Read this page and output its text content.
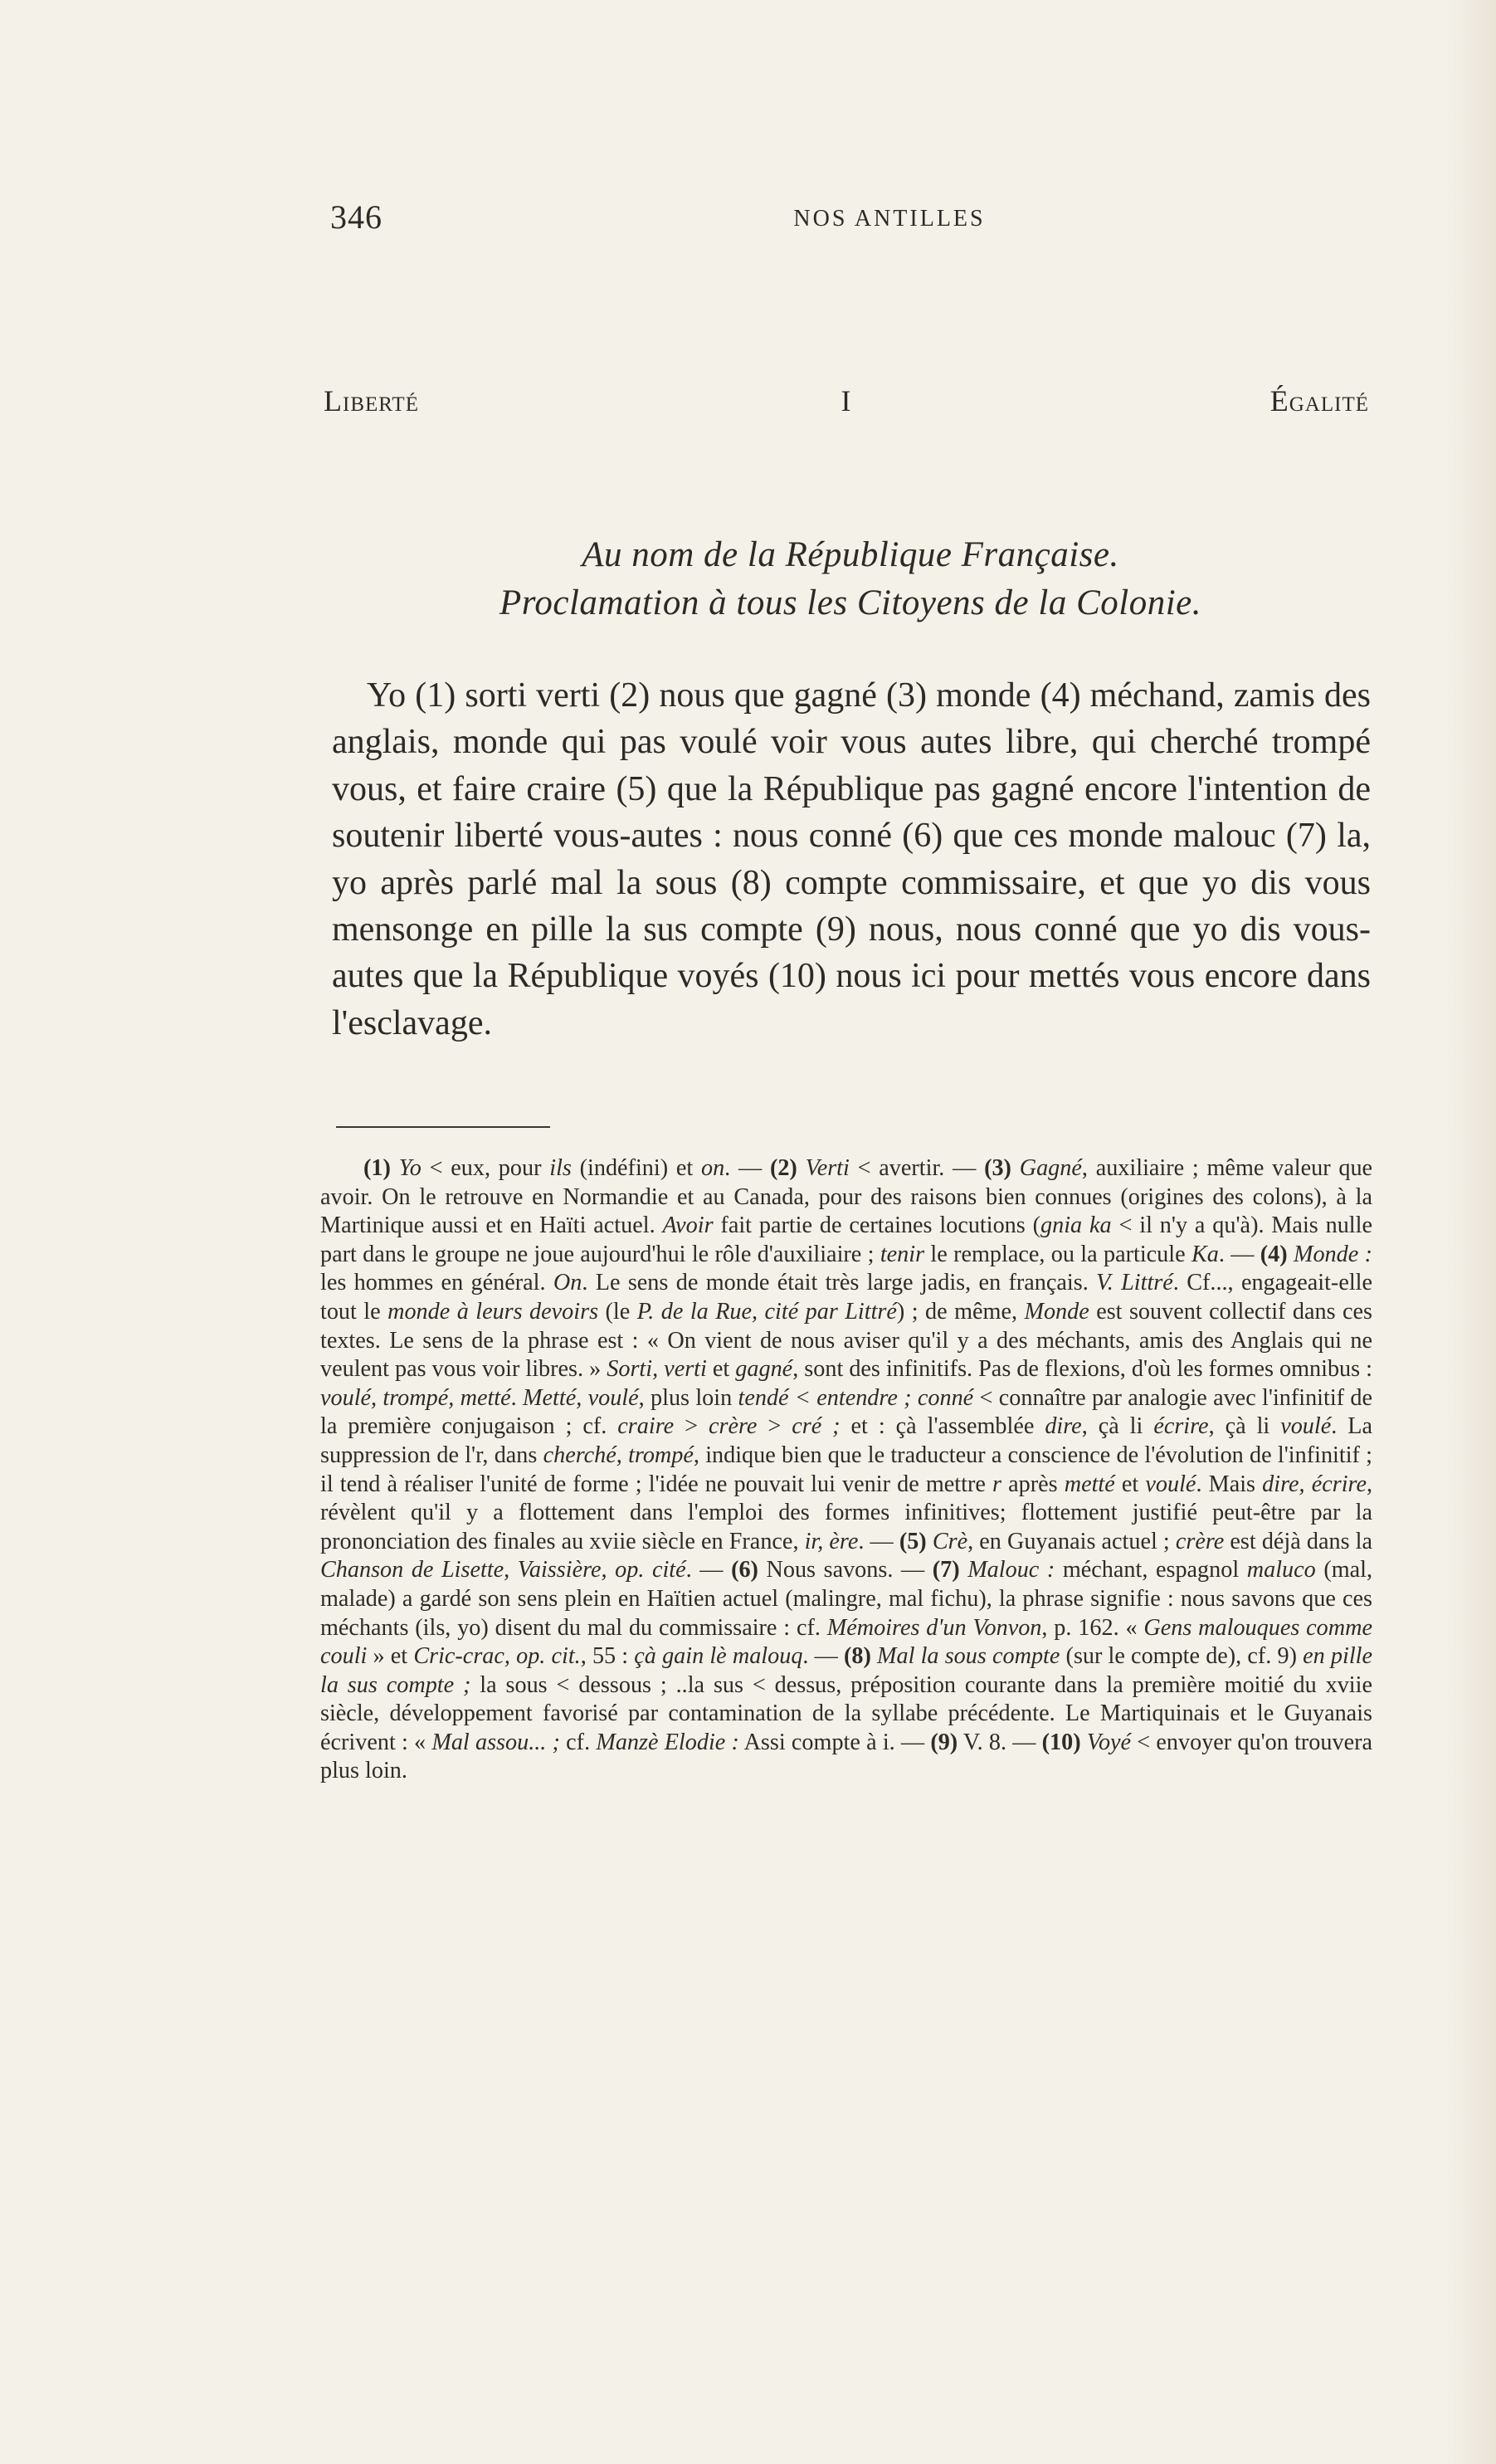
346	NOS ANTILLES
Liberté	I	Égalité
Au nom de la République Française.
Proclamation à tous les Citoyens de la Colonie.

Yo (1) sorti verti (2) nous que gagné (3) monde (4) méchand, zamis des anglais, monde qui pas voulé voir vous autes libre, qui cherché trompé vous, et faire craire (5) que la République pas gagné encore l'intention de soutenir liberté vous-autes : nous conné (6) que ces monde malouc (7) la, yo après parlé mal la sous (8) compte commissaire, et que yo dis vous mensonge en pille la sus compte (9) nous, nous conné que yo dis vous-autes que la République voyés (10) nous ici pour mettés vous encore dans l'esclavage.

(1) Yo < eux, pour ils (indéfini) et on. — (2) Verti < avertir. — (3) Gagné, auxiliaire ; même valeur que avoir. On le retrouve en Normandie et au Canada, pour des raisons bien connues (origines des colons), à la Martinique aussi et en Haïti actuel. Avoir fait partie de certaines locutions (gnia ka < il n'y a qu'à). Mais nulle part dans le groupe ne joue aujourd'hui le rôle d'auxiliaire ; tenir le remplace, ou la particule Ka. — (4) Monde : les hommes en général. On. Le sens de monde était très large jadis, en français. V. Littré. Cf..., engageait-elle tout le monde à leurs devoirs (le P. de la Rue, cité par Littré) ; de même, Monde est souvent collectif dans ces textes. Le sens de la phrase est : « On vient de nous aviser qu'il y a des méchants, amis des Anglais qui ne veulent pas vous voir libres. » Sorti, verti et gagné, sont des infinitifs. Pas de flexions, d'où les formes omnibus : voulé, trompé, metté. Metté, voulé, plus loin tendé < entendre ; conné < connaître par analogie avec l'infinitif de la première conjugaison ; cf. craire > crère > cré ; et : çà l'assemblée dire, çà li écrire, çà li voulé. La suppression de l'r, dans cherché, trompé, indique bien que le traducteur a conscience de l'évolution de l'infinitif ; il tend à réaliser l'unité de forme ; l'idée ne pouvait lui venir de mettre r après metté et voulé. Mais dire, écrire, révèlent qu'il y a flottement dans l'emploi des formes infinitives; flottement justifié peut-être par la prononciation des finales au xviie siècle en France, ir, ère. — (5) Crè, en Guyanais actuel ; crère est déjà dans la Chanson de Lisette, Vaissière, op. cité. — (6) Nous savons. — (7) Malouc : méchant, espagnol maluco (mal, malade) a gardé son sens plein en Haïtien actuel (malingre, mal fichu), la phrase signifie : nous savons que ces méchants (ils, yo) disent du mal du commissaire : cf. Mémoires d'un Vonvon, p. 162. « Gens malouques comme couli » et Cric-crac, op. cit., 55 : çà gain lè malouq. — (8) Mal la sous compte (sur le compte de), cf. 9) en pille la sus compte ; la sous < dessous ; ..la sus < dessus, préposition courante dans la première moitié du xviie siècle, développement favorisé par contamination de la syllabe précédente. Le Martiquinais et le Guyanais écrivent : « Mal assou... ; cf. Manzè Elodie : Assi compte à i. — (9) V. 8. — (10) Voyé < envoyer qu'on trouvera plus loin.
